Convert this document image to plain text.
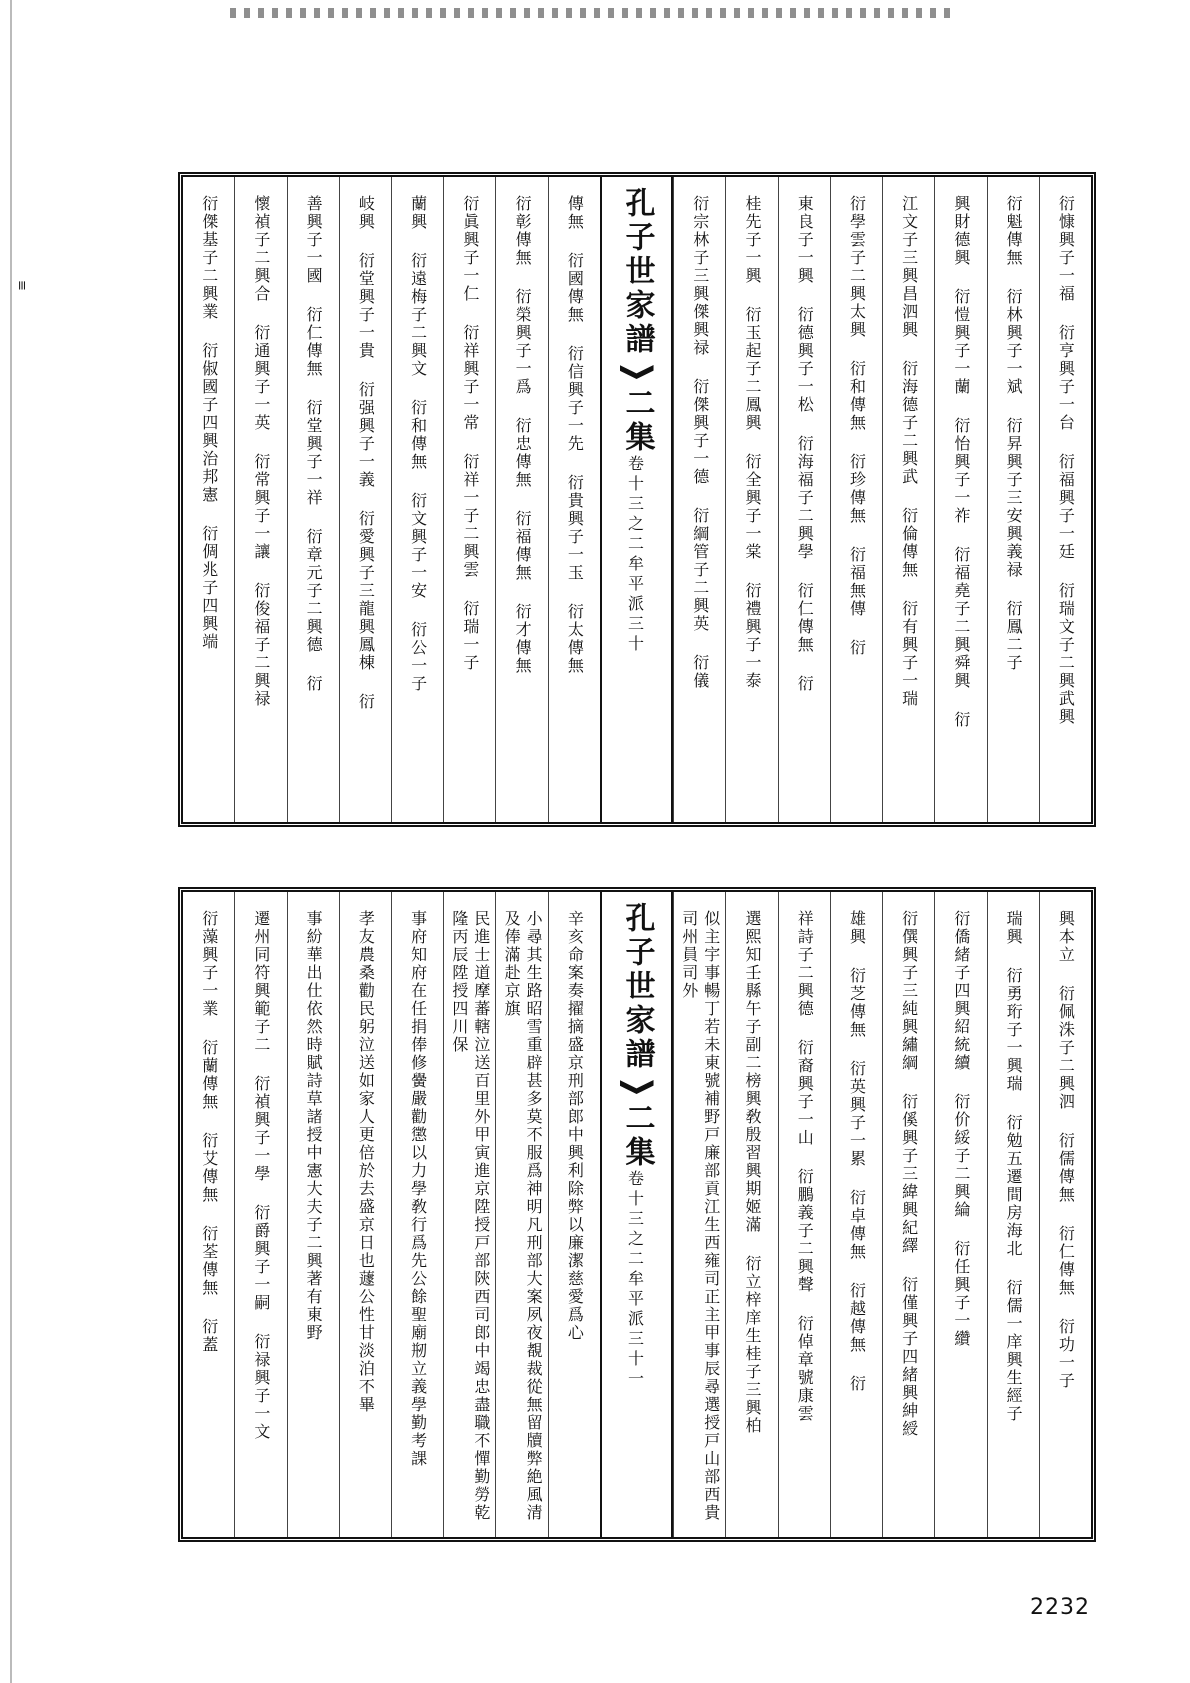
≡	衍慷興子一福 衍亨興子一台 衍福興子一廷 衍瑞文子二興武興
衍魁傳無 衍林興子一斌 衍昇興子三安興義禄 衍鳳二子
興財德興 衍愷興子一蘭 衍怡興子一祚 衍福堯子二興舜興 衍
江文子三興昌泗興 衍海德子二興武 衍倫傳無 衍有興子一瑞
衍學雲子二興太興 衍和傳無 衍珍傳無 衍福無傳 衍
東良子一興 衍德興子一松 衍海福子二興學 衍仁傳無 衍
桂先子一興 衍玉起子二鳳興 衍全興子一棠 衍禮興子一泰
衍宗林子三興傑興禄 衍傑興子一德 衍綱管子二興英 衍儀
孔子世家譜
二集
卷十三之二
牟平派
三十
傳無 衍國傳無 衍信興子一先 衍貴興子一玉 衍太傳無
衍彰傳無 衍榮興子一爲 衍忠傳無 衍福傳無 衍才傳無
衍眞興子一仁 衍祥興子一常 衍祥一子二興雲 衍瑞一子
蘭興 衍遠梅子二興文 衍和傳無 衍文興子一安 衍公一子
岐興 衍堂興子一貴 衍强興子一義 衍愛興子三龍興鳳棟 衍
善興子一國 衍仁傳無 衍堂興子一祥 衍章元子二興德 衍
懷禎子二興合 衍通興子一英 衍常興子一讓 衍俊福子二興禄
衍傑基子二興業 衍俶國子四興治邦憲 衍倜兆子四興端
興本立 衍佩洙子二興泗 衍儒傳無 衍仁傳無 衍功一子
瑞興 衍勇珩子一興瑞 衍勉五遷間房海北 衍儒一庠興生經子
衍僑緒子四興紹統續 衍价綏子二興綸 衍任興子一纘
衍僎興子三純興繡綱 衍傒興子三緯興紀繹 衍僅興子四緒興紳綬
雄興 衍芝傳無 衍英興子一累 衍卓傳無 衍越傳無 衍
祥詩子二興德 衍裔興子一山 衍鵬義子二興聲 衍倬章號康雲
選熙知壬縣午子副二榜興敎殷習興期姬滿 衍立梓庠生桂子三興柏
似主宇事暢丁若未東號補野戸廉部貢江生西雍司正主甲事辰尋選授戸山部西貴司州員司外
孔子世家譜
二集
卷十三之二
牟平派
三十一
辛亥命案奏擢摘盛京刑部郎中興利除弊以廉潔慈愛爲心
小尋其生路昭雪重辟甚多莫不服爲神明凡刑部大案夙夜覩裁從無留牘弊絶風清及俸滿赴京旗
民進士道摩蕃轄泣送百里外甲寅進京陞授戸部陝西司郎中竭忠盡職不憚勤勞乾隆丙辰陞授四川保
事府知府在任捐俸修黌嚴勸懲以力學敎行爲先公餘聖廟剏立義學勤考課
孝友農桑勸民躬泣送如家人更倍於去盛京日也蘧公性甘淡泊不畢
事紛華出仕依然時賦詩草諸授中憲大夫子二興著有東野
遷州同符興範子二 衍禎興子一學 衍爵興子一嗣 衍禄興子一文
衍藻興子一業 衍蘭傳無 衍艾傳無 衍荃傳無 衍蓋
2232
